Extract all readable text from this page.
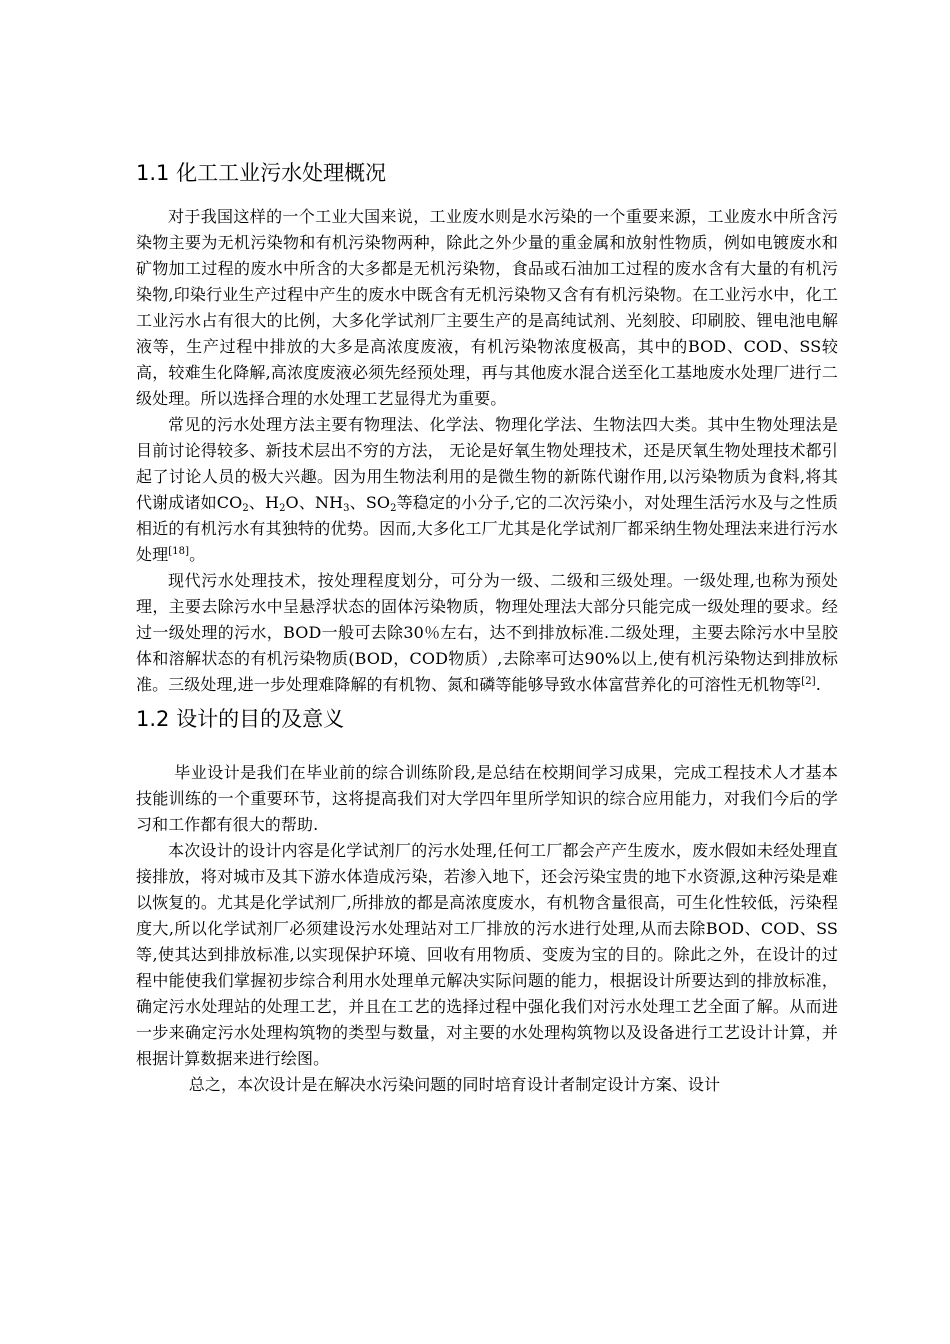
1.1 化工工业污水处理概况

对于我国这样的一个工业大国来说，工业废水则是水污染的一个重要来源，工业废水中所含污染物主要为无机污染物和有机污染物两种，除此之外少量的重金属和放射性物质，例如电镀废水和矿物加工过程的废水中所含的大多都是无机污染物，食品或石油加工过程的废水含有大量的有机污染物,印染行业生产过程中产生的废水中既含有无机污染物又含有有机污染物。在工业污水中，化工工业污水占有很大的比例，大多化学试剂厂主要生产的是高纯试剂、光刻胶、印刷胶、锂电池电解液等，生产过程中排放的大多是高浓度废液，有机污染物浓度极高，其中的BOD、COD、SS较高，较难生化降解,高浓度废液必须先经预处理，再与其他废水混合送至化工基地废水处理厂进行二级处理。所以选择合理的水处理工艺显得尤为重要。

常见的污水处理方法主要有物理法、化学法、物理化学法、生物法四大类。其中生物处理法是目前讨论得较多、新技术层出不穷的方法， 无论是好氧生物处理技术，还是厌氧生物处理技术都引起了讨论人员的极大兴趣。因为用生物法利用的是微生物的新陈代谢作用,以污染物质为食料,将其代谢成诸如$CO_2$、$H_2O$、$NH_3$、$SO_2$等稳定的小分子,它的二次污染小，对处理生活污水及与之性质相近的有机污水有其独特的优势。因而,大多化工厂尤其是化学试剂厂都采纳生物处理法来进行污水处理[18]。

现代污水处理技术，按处理程度划分，可分为一级、二级和三级处理。一级处理,也称为预处理，主要去除污水中呈悬浮状态的固体污染物质，物理处理法大部分只能完成一级处理的要求。经过一级处理的污水，BOD一般可去除30％左右，达不到排放标准.二级处理，主要去除污水中呈胶体和溶解状态的有机污染物质(BOD，COD物质）,去除率可达90%以上,使有机污染物达到排放标准。三级处理,进一步处理难降解的有机物、氮和磷等能够导致水体富营养化的可溶性无机物等[2].

1.2 设计的目的及意义

毕业设计是我们在毕业前的综合训练阶段,是总结在校期间学习成果，完成工程技术人才基本技能训练的一个重要环节，这将提高我们对大学四年里所学知识的综合应用能力，对我们今后的学习和工作都有很大的帮助.

本次设计的设计内容是化学试剂厂的污水处理,任何工厂都会产产生废水，废水假如未经处理直接排放，将对城市及其下游水体造成污染，若渗入地下，还会污染宝贵的地下水资源,这种污染是难以恢复的。尤其是化学试剂厂,所排放的都是高浓度废水，有机物含量很高，可生化性较低，污染程度大,所以化学试剂厂必须建设污水处理站对工厂排放的污水进行处理,从而去除BOD、COD、SS等,使其达到排放标准,以实现保护环境、回收有用物质、变废为宝的目的。除此之外，在设计的过程中能使我们掌握初步综合利用水处理单元解决实际问题的能力，根据设计所要达到的排放标准，确定污水处理站的处理工艺，并且在工艺的选择过程中强化我们对污水处理工艺全面了解。从而进一步来确定污水处理构筑物的类型与数量，对主要的水处理构筑物以及设备进行工艺设计计算，并根据计算数据来进行绘图。

总之，本次设计是在解决水污染问题的同时培育设计者制定设计方案、设计
